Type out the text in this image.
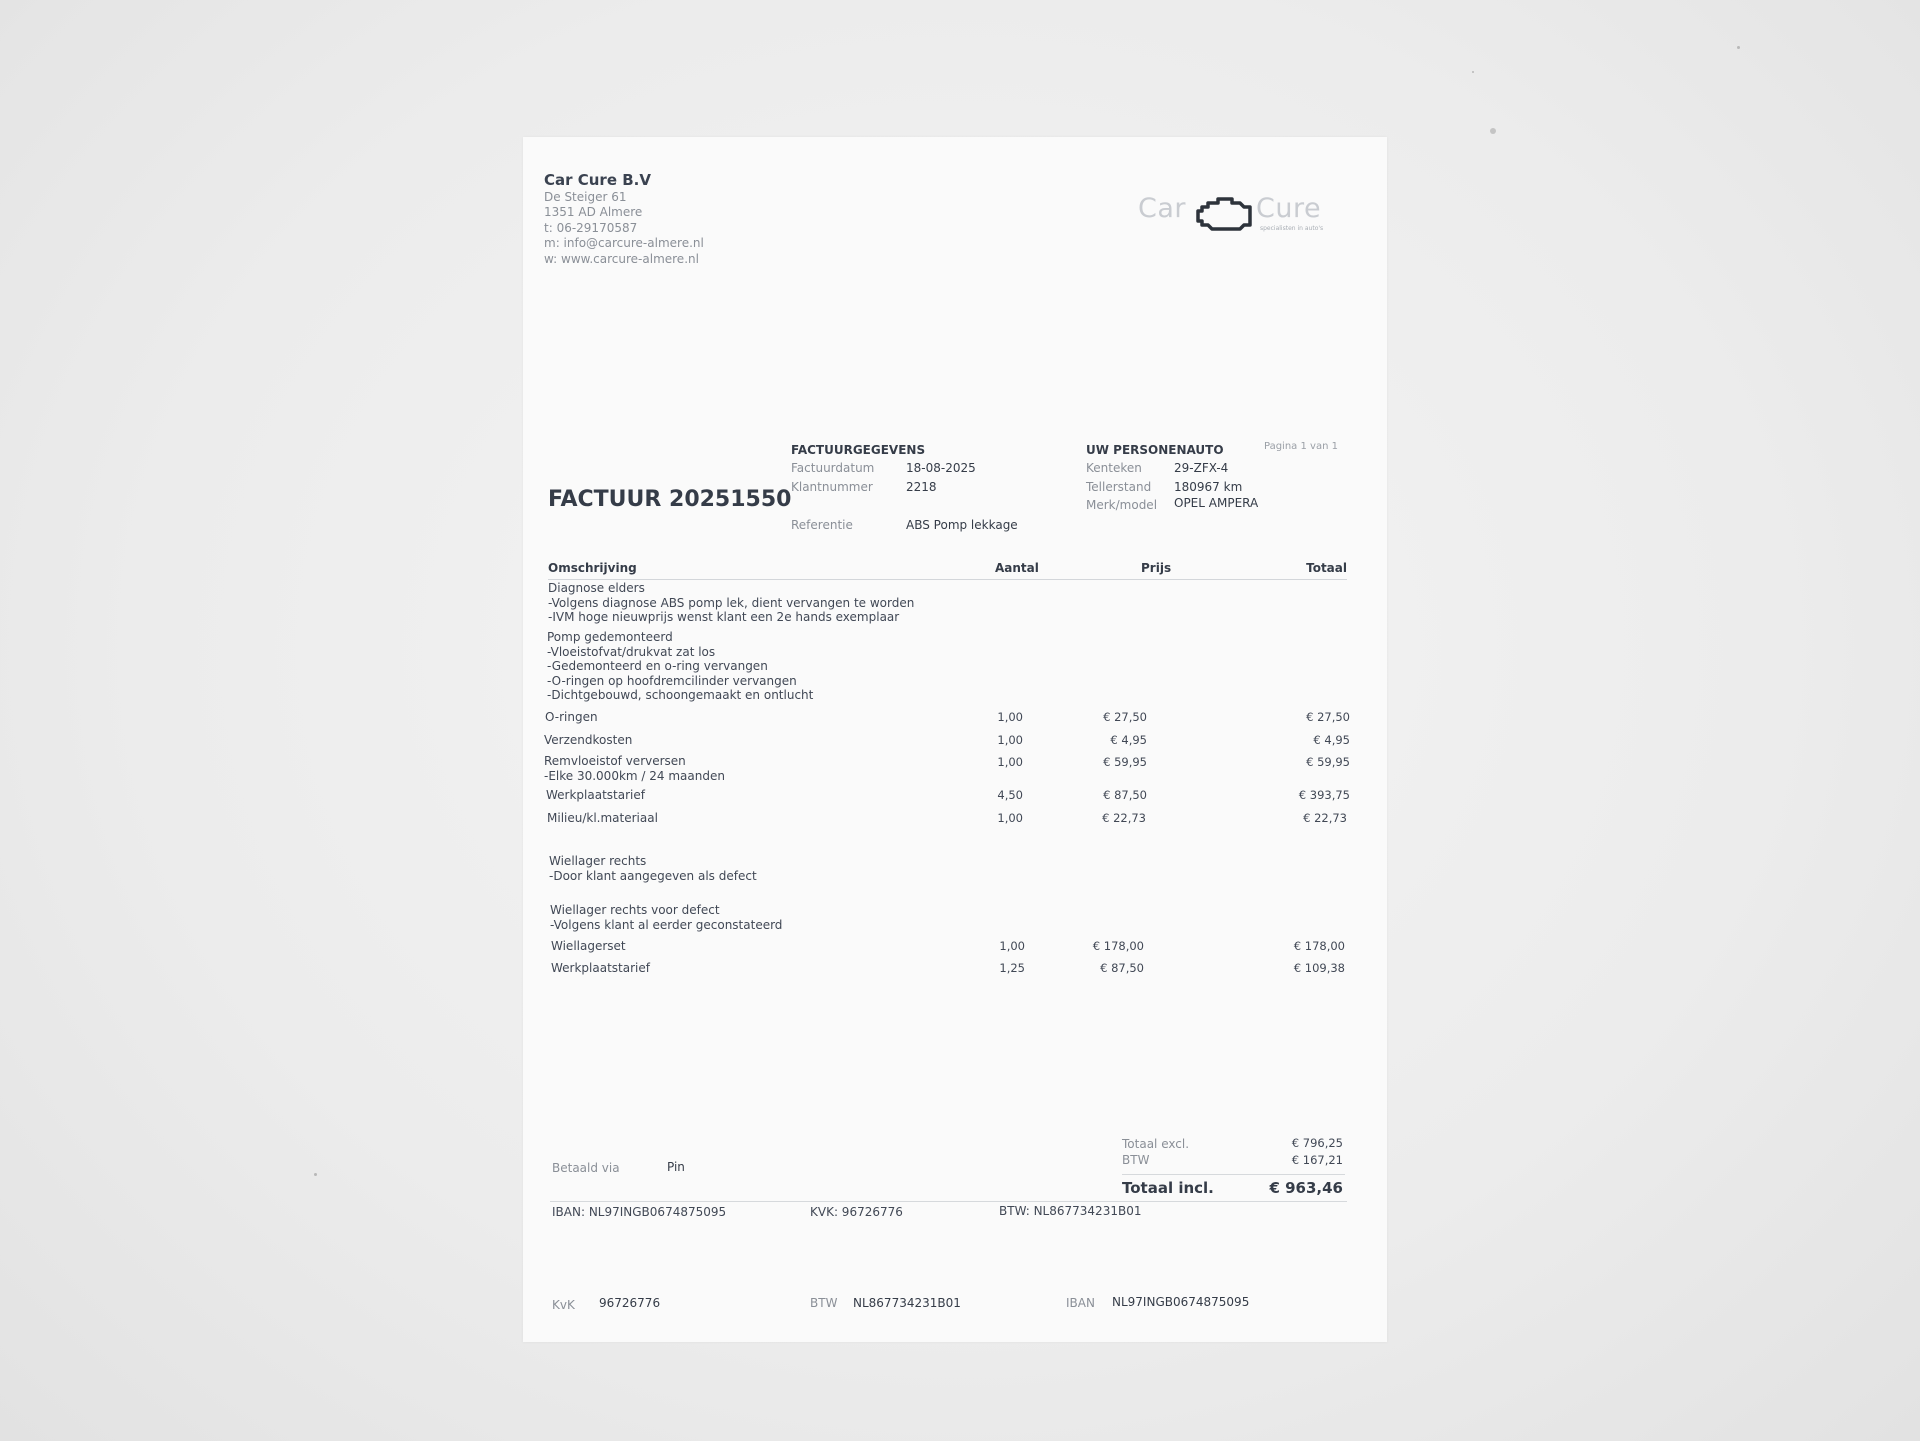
Car Cure B.V
De Steiger 61
1351 AD Almere
t: 06-29170587
m: info@carcure-almere.nl
w: www.carcure-almere.nl
Car	Cure
specialisten in auto's
FACTUUR 20251550
FACTUURGEGEVENS
Factuurdatum	18-08-2025
Klantnummer	2218
Referentie	ABS Pomp lekkage
UW PERSONENAUTO	Pagina 1 van 1
Kenteken	29-ZFX-4
Tellerstand 180967 km
Merk/model OPEL AMPERA
Omschrijving	Aantal	Prijs	Totaal
Diagnose elders
-Volgens diagnose ABS pomp lek, dient vervangen te worden
-IVM hoge nieuwprijs wenst klant een 2e hands exemplaar
Pomp gedemonteerd
-Vloeistofvat/drukvat zat los
-Gedemonteerd en o-ring vervangen
-O-ringen op hoofdremcilinder vervangen
-Dichtgebouwd, schoongemaakt en ontlucht
O-ringen	1,00	€ 27,50	€ 27,50
Verzendkosten	1,00	€ 4,95	€ 4,95
Remvloeistof verversen
-Elke 30.000km / 24 maanden
1,00	€ 59,95	€ 59,95
Werkplaatstarief	4,50	€ 87,50	€ 393,75
Milieu/kl.materiaal	1,00	€ 22,73	€ 22,73
Wiellager rechts
-Door klant aangegeven als defect
Wiellager rechts voor defect
-Volgens klant al eerder geconstateerd
Wiellagerset	1,00	€ 178,00	€ 178,00
Werkplaatstarief	1,25	€ 87,50	€ 109,38
Totaal excl.	€ 796,25
BTW	€ 167,21
Totaal incl.	€ 963,46
Betaald via	Pin
IBAN: NL97INGB0674875095	KVK: 96726776	BTW: NL867734231B01
KvK 96726776	BTW NL867734231B01	IBAN NL97INGB0674875095
